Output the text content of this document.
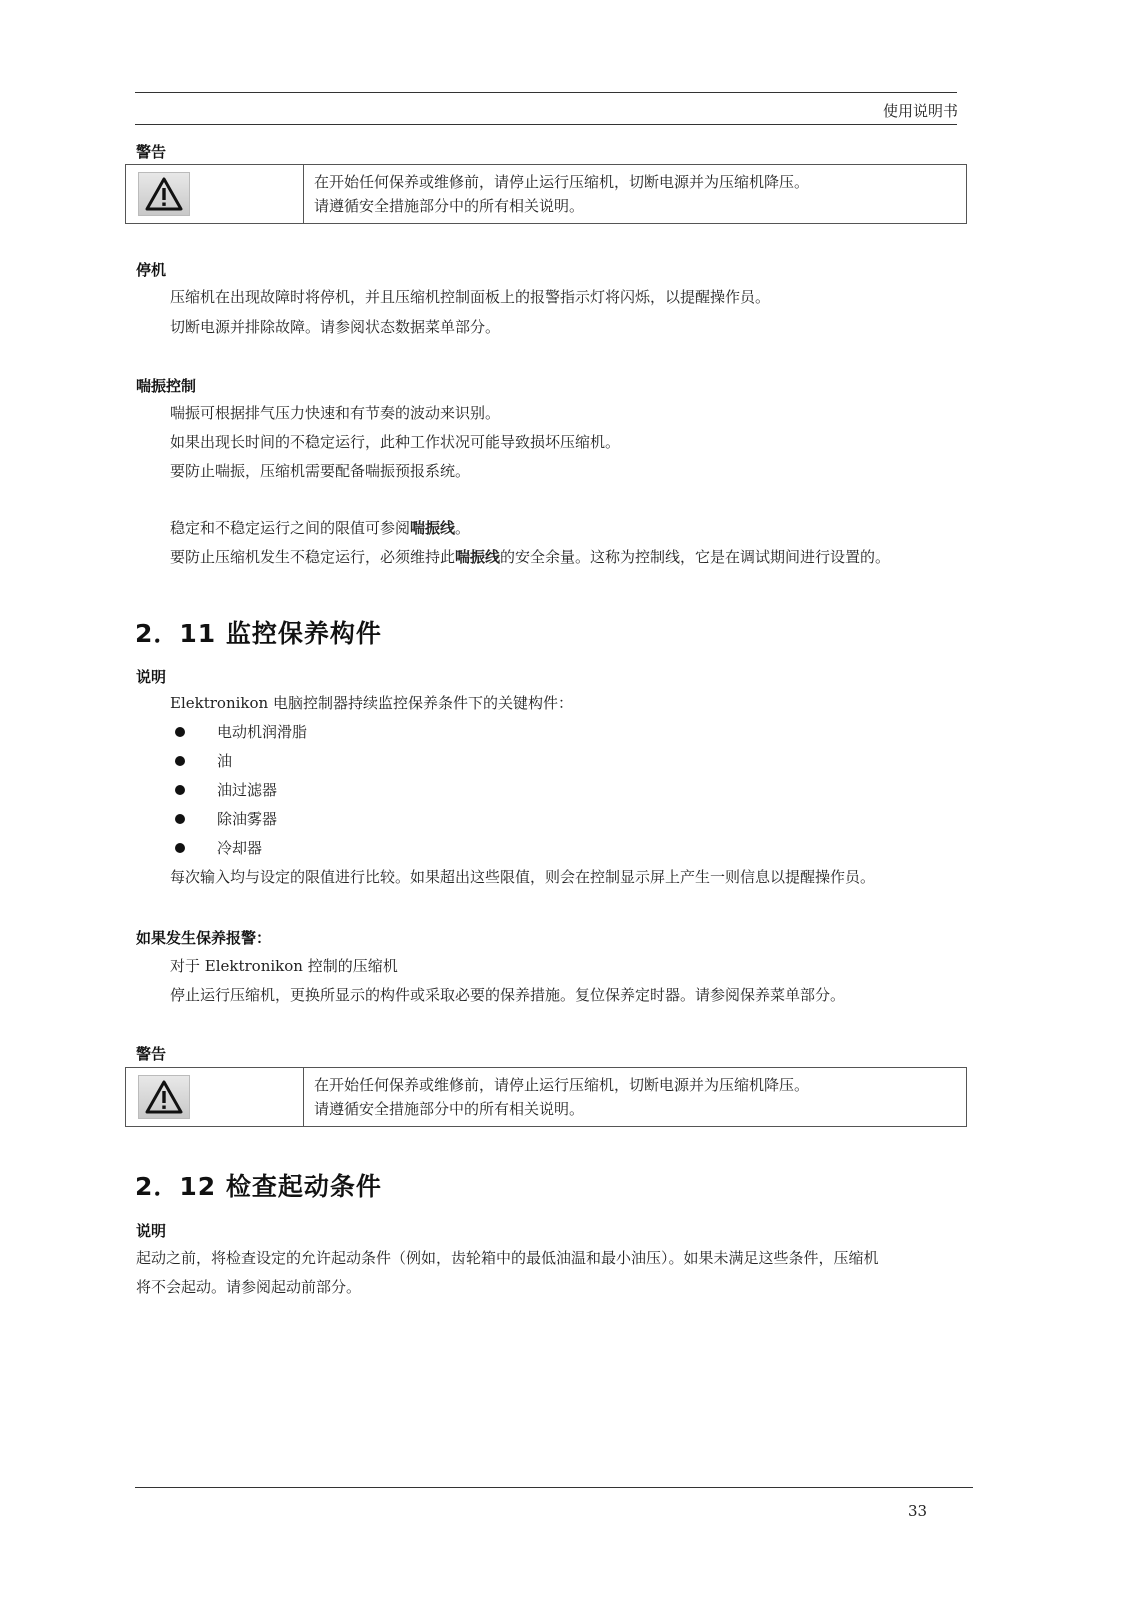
使用说明书
警告
在开始任何保养或维修前，请停止运行压缩机，切断电源并为压缩机降压。
请遵循安全措施部分中的所有相关说明。
停机
压缩机在出现故障时将停机，并且压缩机控制面板上的报警指示灯将闪烁，以提醒操作员。
切断电源并排除故障。请参阅状态数据菜单部分。
喘振控制
喘振可根据排气压力快速和有节奏的波动来识别。
如果出现长时间的不稳定运行，此种工作状况可能导致损坏压缩机。
要防止喘振，压缩机需要配备喘振预报系统。
稳定和不稳定运行之间的限值可参阅喘振线。
要防止压缩机发生不稳定运行，必须维持此喘振线的安全余量。这称为控制线，它是在调试期间进行设置的。
2．11 监控保养构件
说明
Elektronikon 电脑控制器持续监控保养条件下的关键构件：
电动机润滑脂
油
油过滤器
除油雾器
冷却器
每次输入均与设定的限值进行比较。如果超出这些限值，则会在控制显示屏上产生一则信息以提醒操作员。
如果发生保养报警：
对于 Elektronikon 控制的压缩机
停止运行压缩机，更换所显示的构件或采取必要的保养措施。复位保养定时器。请参阅保养菜单部分。
警告
在开始任何保养或维修前，请停止运行压缩机，切断电源并为压缩机降压。
请遵循安全措施部分中的所有相关说明。
2．12 检查起动条件
说明
起动之前，将检查设定的允许起动条件（例如，齿轮箱中的最低油温和最小油压）。如果未满足这些条件，压缩机
将不会起动。请参阅起动前部分。
33
